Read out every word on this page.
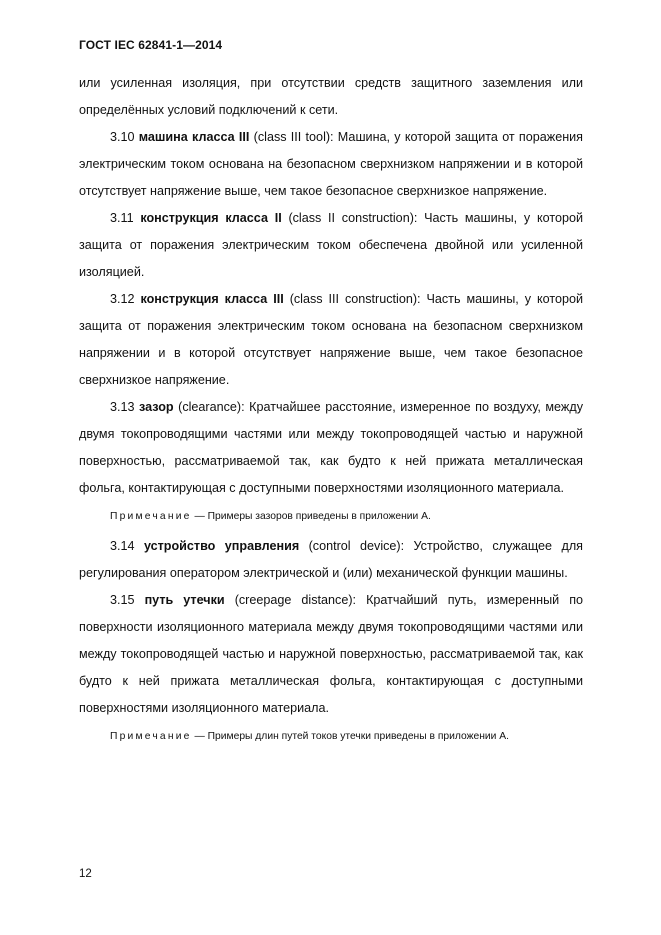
ГОСТ IEC 62841-1—2014

или усиленная изоляция, при отсутствии средств защитного заземления или определённых условий подключений к сети.

3.10 машина класса III (class III tool): Машина, у которой защита от поражения электрическим током основана на безопасном сверхнизком напряжении и в которой отсутствует напряжение выше, чем такое безопасное сверхнизкое напряжение.

3.11 конструкция класса II (class II construction): Часть машины, у которой защита от поражения электрическим током обеспечена двойной или усиленной изоляцией.

3.12 конструкция класса III (class III construction): Часть машины, у которой защита от поражения электрическим током основана на безопасном сверхнизком напряжении и в которой отсутствует напряжение выше, чем такое безопасное сверхнизкое напряжение.

3.13 зазор (clearance): Кратчайшее расстояние, измеренное по воздуху, между двумя токопроводящими частями или между токопроводящей частью и наружной поверхностью, рассматриваемой так, как будто к ней прижата металлическая фольга, контактирующая с доступными поверхностями изоляционного материала.

Примечание — Примеры зазоров приведены в приложении А.

3.14 устройство управления (control device): Устройство, служащее для регулирования оператором электрической и (или) механической функции машины.

3.15 путь утечки (creepage distance): Кратчайший путь, измеренный по поверхности изоляционного материала между двумя токопроводящими частями или между токопроводящей частью и наружной поверхностью, рассматриваемой так, как будто к ней прижата металлическая фольга, контактирующая с доступными поверхностями изоляционного материала.

Примечание — Примеры длин путей токов утечки приведены в приложении А.

12
